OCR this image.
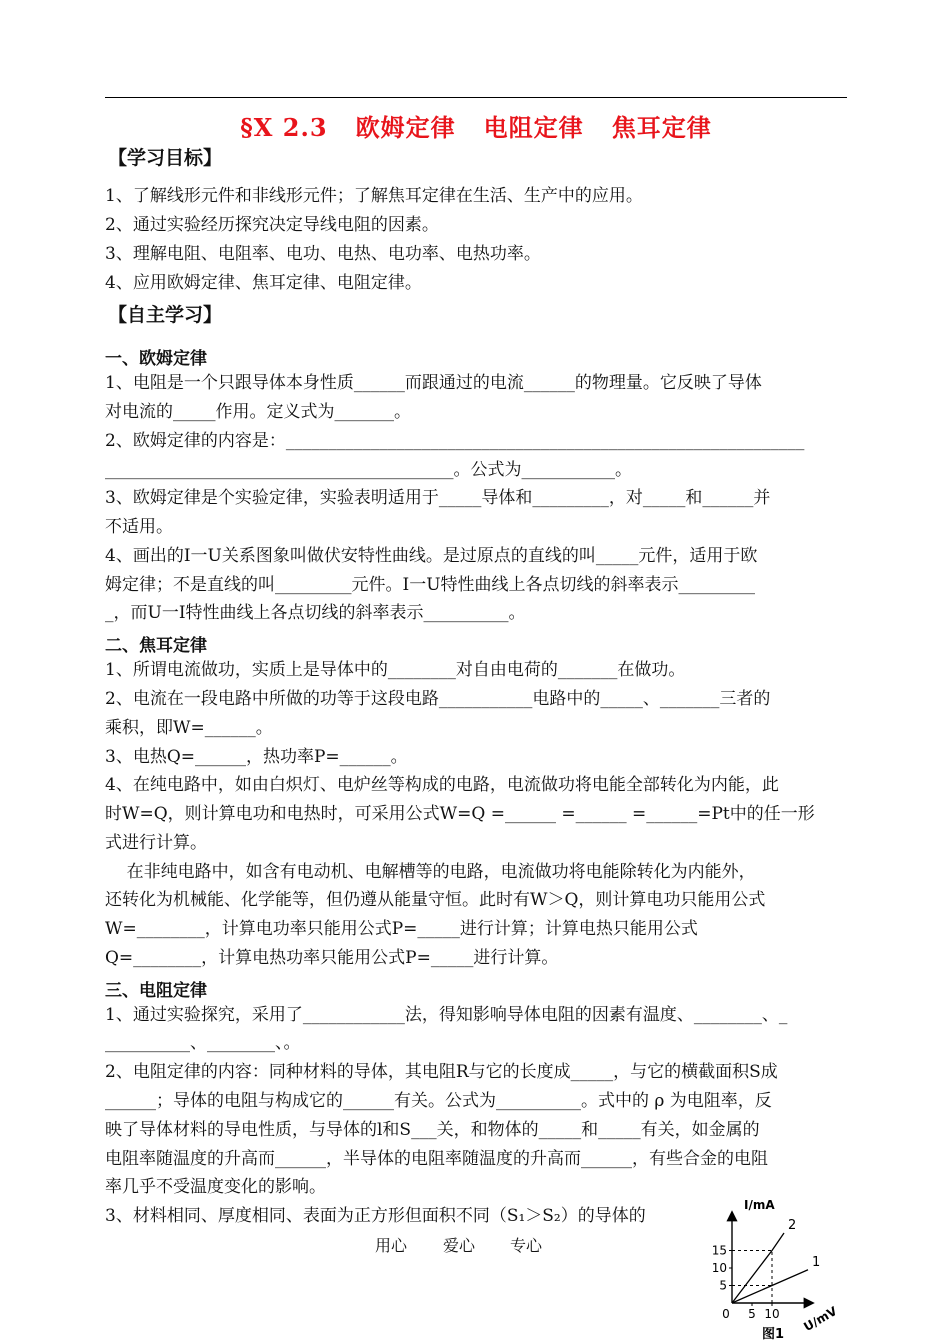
§X 2.3   欧姆定律   电阻定律   焦耳定律
【学习目标】
1、了解线形元件和非线形元件；了解焦耳定律在生活、生产中的应用。
2、通过实验经历探究决定导线电阻的因素。
3、理解电阻、电阻率、电功、电热、电功率、电热功率。
4、应用欧姆定律、焦耳定律、电阻定律。
【自主学习】
一、欧姆定律
1、电阻是一个只跟导体本身性质______而跟通过的电流______的物理量。它反映了导体
对电流的_____作用。定义式为_______。
2、欧姆定律的内容是：_____________________________________________________________
_________________________________________。公式为___________。
3、欧姆定律是个实验定律，实验表明适用于_____导体和_________，对_____和______并
不适用。
4、画出的I一U关系图象叫做伏安特性曲线。是过原点的直线的叫_____元件，适用于欧
姆定律；不是直线的叫_________元件。I一U特性曲线上各点切线的斜率表示_________
_，而U一I特性曲线上各点切线的斜率表示__________。
二、焦耳定律
1、所谓电流做功，实质上是导体中的________对自由电荷的_______在做功。
2、电流在一段电路中所做的功等于这段电路___________电路中的_____、_______三者的
乘积，即W=______。
3、电热Q=______，热功率P=______。
4、在纯电路中，如由白炽灯、电炉丝等构成的电路，电流做功将电能全部转化为内能，此
时W=Q，则计算电功和电热时，可采用公式W=Q =______ =______ =______=Pt中的任一形
式进行计算。
在非纯电路中，如含有电动机、电解槽等的电路，电流做功将电能除转化为内能外，
还转化为机械能、化学能等，但仍遵从能量守恒。此时有W＞Q，则计算电功只能用公式
W=________，计算电功率只能用公式P=_____进行计算；计算电热只能用公式
Q=________，计算电热功率只能用公式P=_____进行计算。
三、电阻定律
1、通过实验探究，采用了____________法，得知影响导体电阻的因素有温度、________、_
__________、________、。
2、电阻定律的内容：同种材料的导体，其电阻R与它的长度成_____，与它的横截面积S成
______；导体的电阻与构成它的______有关。公式为__________。式中的 ρ 为电阻率，反
映了导体材料的导电性质，与导体的l和S___关，和物体的_____和_____有关，如金属的
电阻率随温度的升高而______，半导体的电阻率随温度的升高而______，有些合金的电阻
率几乎不受温度变化的影响。
3、材料相同、厚度相同、表面为正方形但面积不同（S₁＞S₂）的导体的
用心 爱心 专心
I/mA
U/mV
2
1
5
10
15
0 5 10
图1
